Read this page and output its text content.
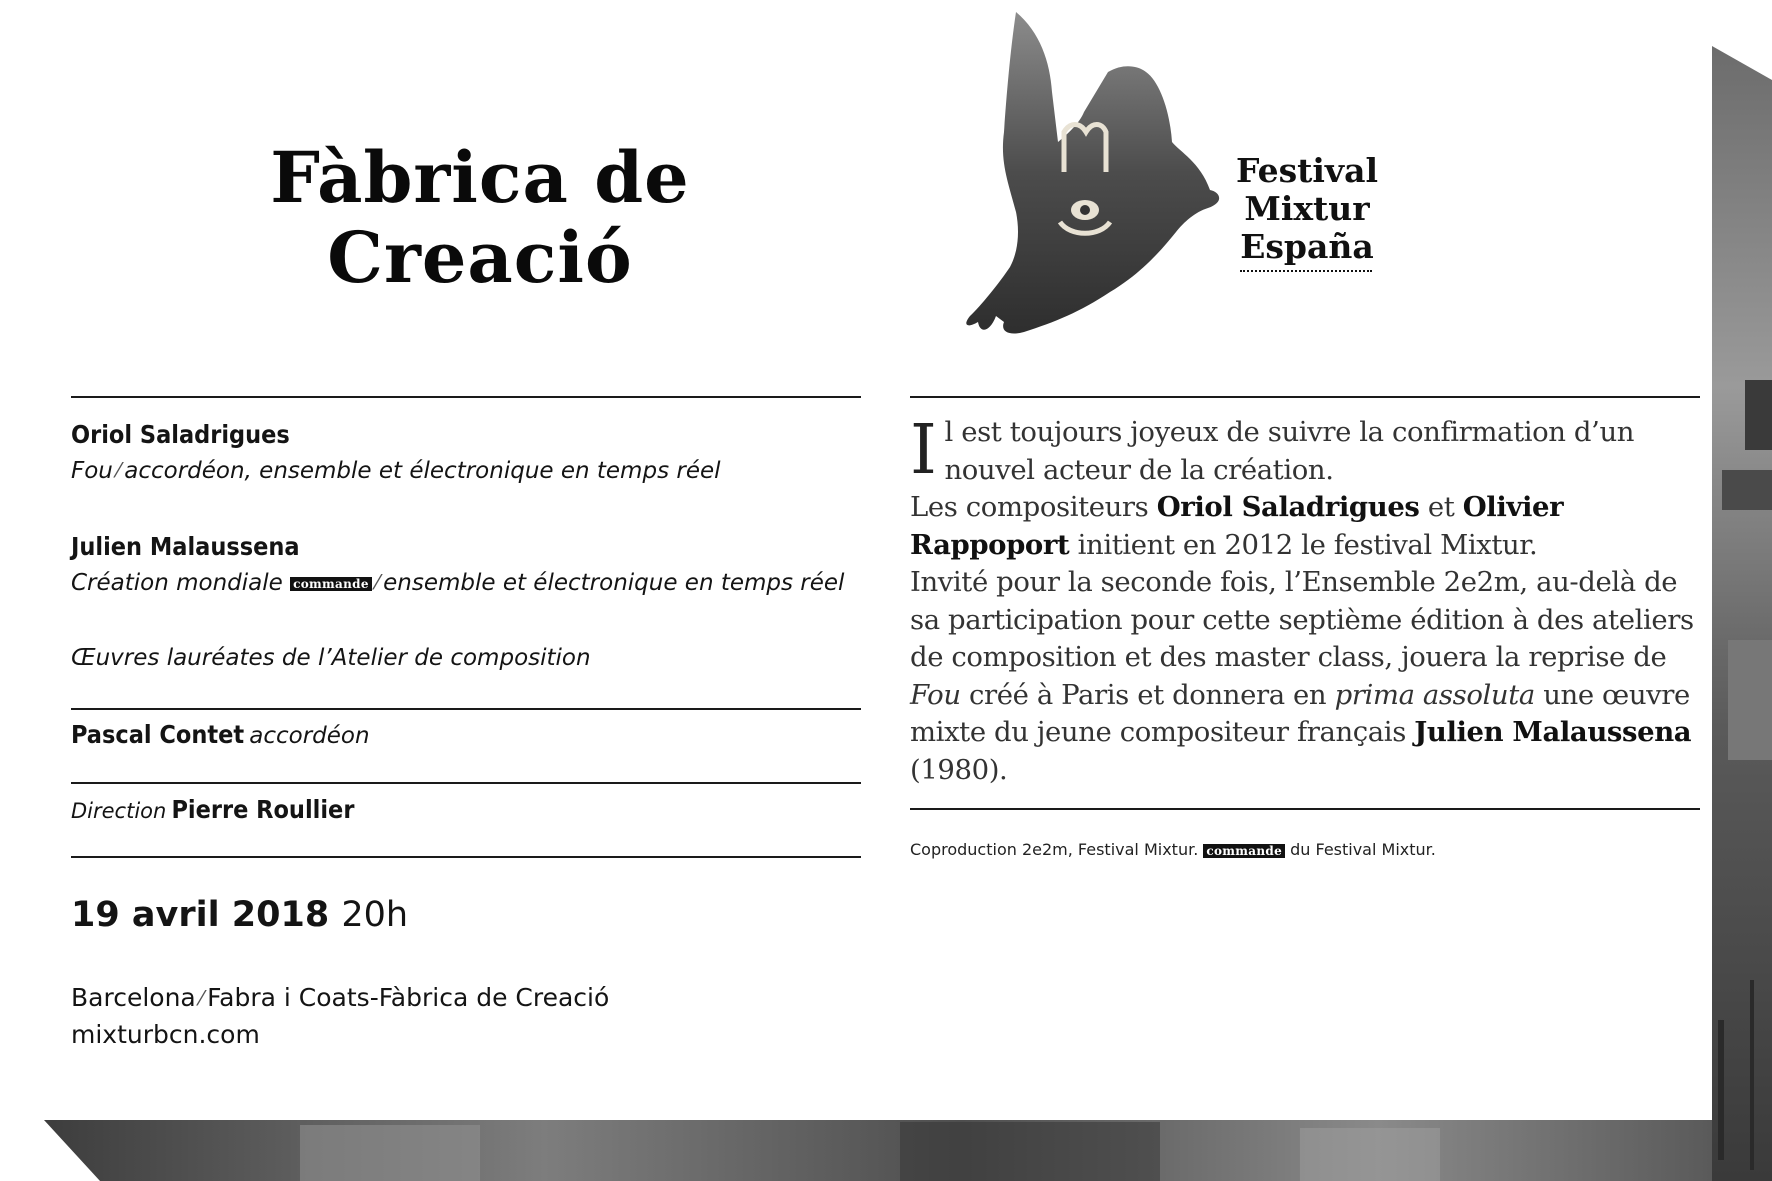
Fàbrica de
Creació
Festival
Mixtur
España
Oriol Saladrigues
Fou ⁄ accordéon, ensemble et électronique en temps réel
Julien Malaussena
Création mondiale commande ⁄ ensemble et électronique en temps réel
Œuvres lauréates de l’Atelier de composition
Pascal Contet accordéon
Direction Pierre Roullier
19 avril 2018 20h
Barcelona ⁄ Fabra i Coats-Fàbrica de Creació
mixturbcn.com
Il est toujours joyeux de suivre la confirmation d’un nouvel acteur de la création.
Les compositeurs Oriol Saladrigues et Olivier Rappoport initient en 2012 le festival Mixtur.
Invité pour la seconde fois, l’Ensemble 2e2m, au-delà de sa participation pour cette septième édition à des ateliers de composition et des master class, jouera la reprise de Fou créé à Paris et donnera en prima assoluta une œuvre mixte du jeune compositeur français Julien Malaussena (1980).
Coproduction 2e2m, Festival Mixtur. commande du Festival Mixtur.
